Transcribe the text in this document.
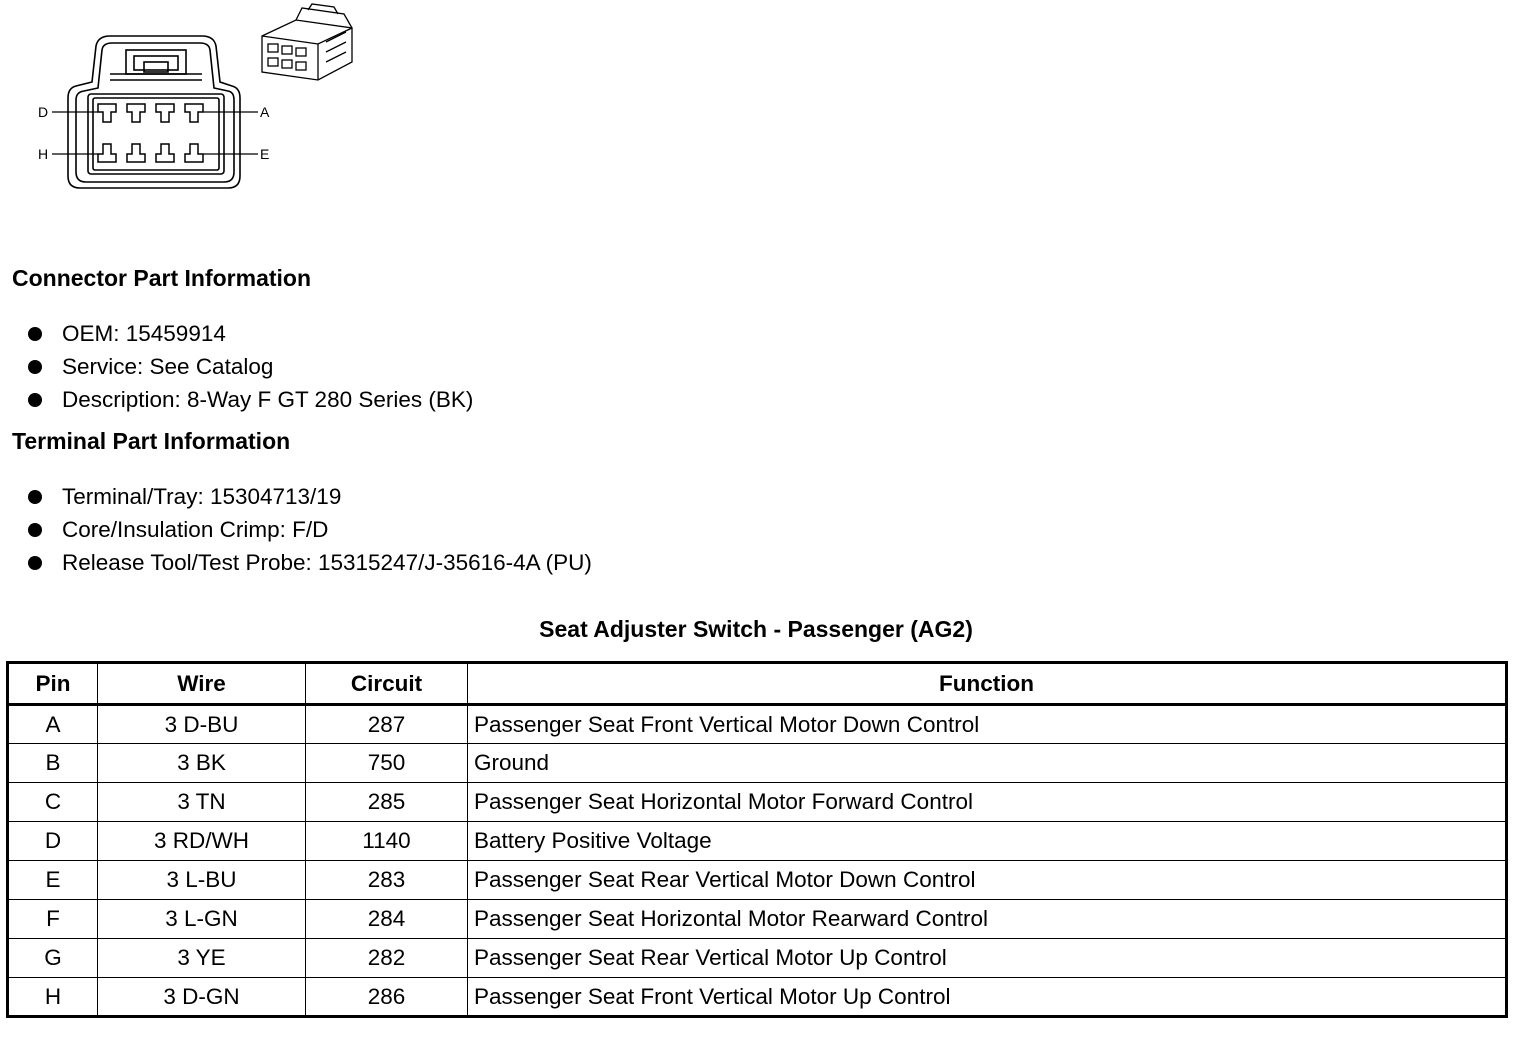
D	A
H	E
Connector Part Information
OEM: 15459914
Service: See Catalog
Description: 8-Way F GT 280 Series (BK)
Terminal Part Information
Terminal/Tray: 15304713/19
Core/Insulation Crimp: F/D
Release Tool/Test Probe: 15315247/J-35616-4A (PU)
Seat Adjuster Switch - Passenger (AG2)
Pin	Wire	Circuit	Function
A	3 D-BU	287	Passenger Seat Front Vertical Motor Down Control
B	3 BK	750	Ground
C	3 TN	285	Passenger Seat Horizontal Motor Forward Control
D	3 RD/WH	1140	Battery Positive Voltage
E	3 L-BU	283	Passenger Seat Rear Vertical Motor Down Control
F	3 L-GN	284	Passenger Seat Horizontal Motor Rearward Control
G	3 YE	282	Passenger Seat Rear Vertical Motor Up Control
H	3 D-GN	286	Passenger Seat Front Vertical Motor Up Control
